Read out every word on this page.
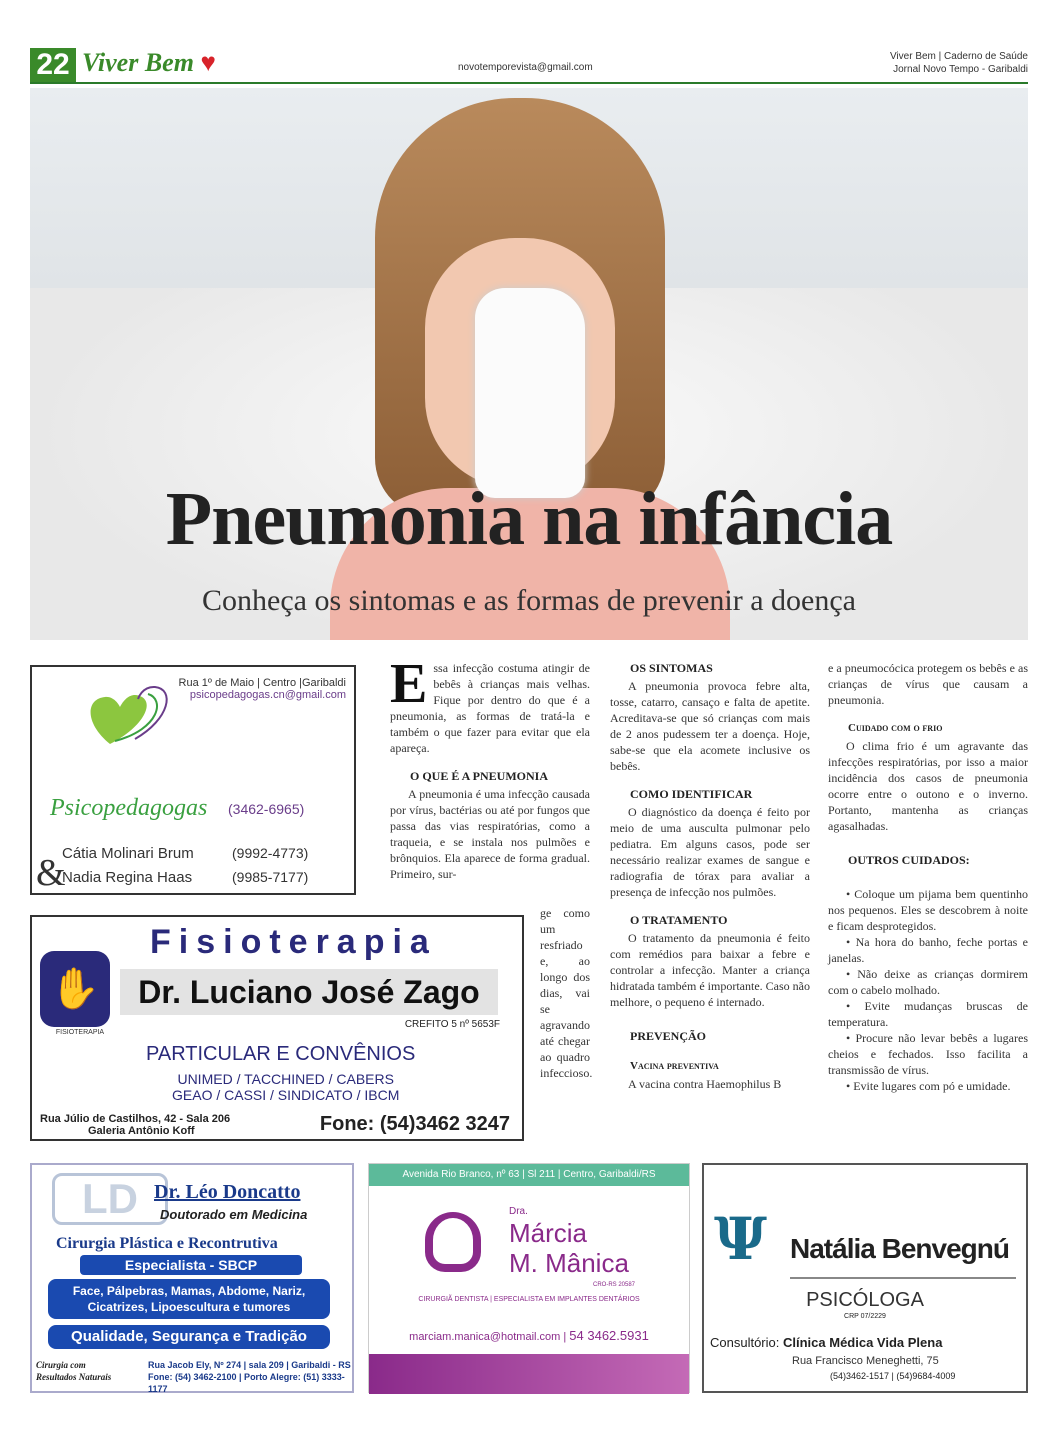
22 Viver Bem ♥	novotemporevista@gmail.com
Viver Bem | Caderno de Saúde
Jornal Novo Tempo - Garibaldi
Pneumonia na infância
Conheça os sintomas e as formas de prevenir a doença
Rua 1º de Maio | Centro |Garibaldi
psicopedagogas.cn@gmail.com
Psicopedagogas (3462-6965)
&
Cátia Molinari Brum	(9992-4773)
Nadia Regina Haas	(9985-7177)
Fisioterapia
✋
FISIOTERAPIA
Dr. Luciano José Zago
CREFITO 5 nº 5653F
PARTICULAR E CONVÊNIOS
UNIMED / TACCHINED / CABERS
GEAO / CASSI / SINDICATO / IBCM
Rua Júlio de Castilhos, 42 - Sala 206
Galeria Antônio Koff	Fone: (54)3462 3247

Essa infecção costuma atingir de bebês à crianças mais velhas. Fique por dentro do que é a pneumonia, as formas de tratá-la e também o que fazer para evitar que ela apareça.

O QUE É A PNEUMONIA

A pneumonia é uma infecção causada por vírus, bactérias ou até por fungos que passa das vias respiratórias, como a traqueia, e se instala nos pulmões e brônquios. Ela aparece de forma gradual. Primeiro, sur-

ge como um resfriado e, ao longo dos dias, vai se agravando até chegar ao quadro infeccioso.
OS SINTOMAS

A pneumonia provoca febre alta, tosse, catarro, cansaço e falta de apetite. Acreditava-se que só crianças com mais de 2 anos pudessem ter a doença. Hoje, sabe-se que ela acomete inclusive os bebês.

COMO IDENTIFICAR

O diagnóstico da doença é feito por meio de uma ausculta pulmonar pelo pediatra. Em alguns casos, pode ser necessário realizar exames de sangue e radiografia de tórax para avaliar a presença de infecção nos pulmões.

O TRATAMENTO

O tratamento da pneumonia é feito com remédios para baixar a febre e controlar a infecção. Manter a criança hidratada também é importante. Caso não melhore, o pequeno é internado.

PREVENÇÃO
Vacina preventiva

A vacina contra Haemophilus B

e a pneumocócica protegem os bebês e as crianças de vírus que causam a pneumonia.

Cuidado com o frio

O clima frio é um agravante das infecções respiratórias, por isso a maior incidência dos casos de pneumonia ocorre entre o outono e o inverno. Portanto, mantenha as crianças agasalhadas.

OUTROS CUIDADOS:
• Coloque um pijama bem quentinho nos pequenos. Eles se descobrem à noite e ficam desprotegidos.
• Na hora do banho, feche portas e janelas.
• Não deixe as crianças dormirem com o cabelo molhado.
• Evite mudanças bruscas de temperatura.
• Procure não levar bebês a lugares cheios e fechados. Isso facilita a transmissão de vírus.
• Evite lugares com pó e umidade.
LD Dr. Léo Doncatto
Doutorado em Medicina
Cirurgia Plástica e Recontrutiva
Especialista - SBCP
Face, Pálpebras, Mamas, Abdome, Nariz,
Cicatrizes, Lipoescultura e tumores
Qualidade, Segurança e Tradição
Cirurgia com
Resultados Naturais
Rua Jacob Ely, Nº 274 | sala 209 | Garibaldi - RS
Fone: (54) 3462-2100 | Porto Alegre: (51) 3333-1177
Avenida Rio Branco, nº 63 | Sl 211 | Centro, Garibaldi/RS
Dra.
Márcia
M. Mânica
CRO-RS 20587
CIRURGIÃ DENTISTA | ESPECIALISTA EM IMPLANTES DENTÁRIOS
marciam.manica@hotmail.com | 54 3462.5931
Ψ Natália Benvegnú
PSICÓLOGA
CRP 07/2229
Consultório: Clínica Médica Vida Plena
Rua Francisco Meneghetti, 75
(54)3462-1517 | (54)9684-4009
